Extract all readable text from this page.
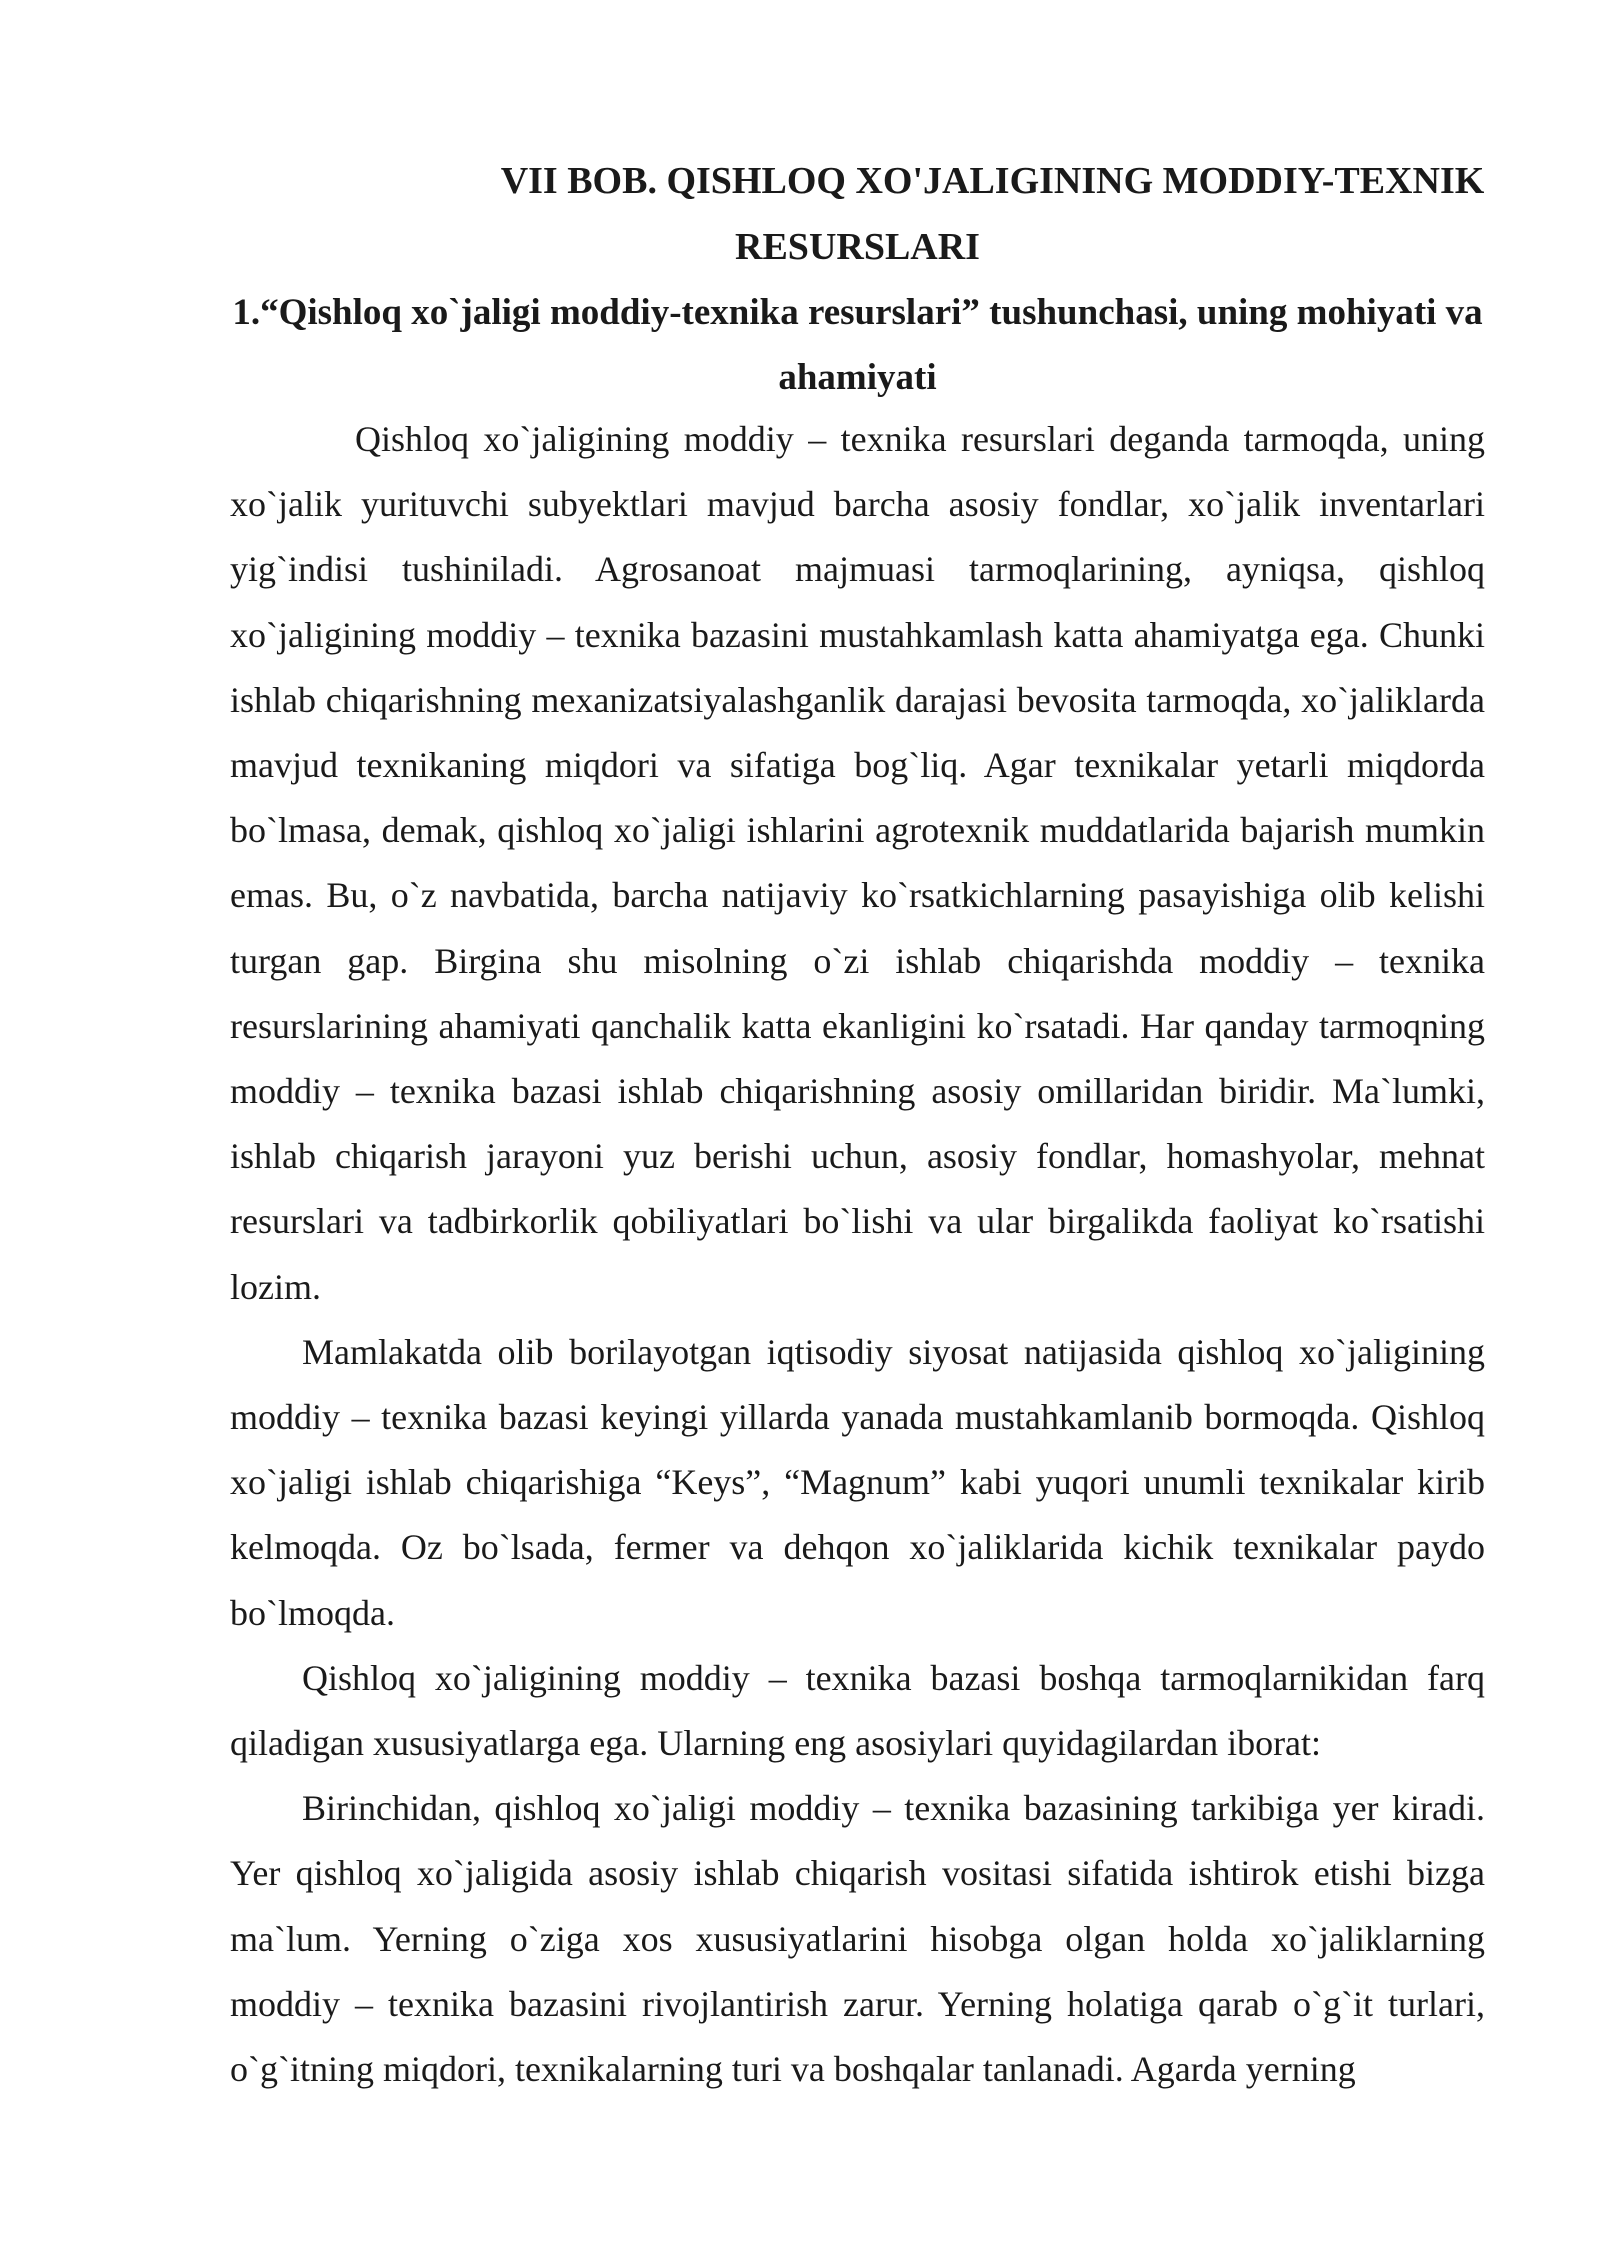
VII BOB. QISHLOQ XO'JALIGINING MODDIY-TEXNIK
RESURSLARI
1.“Qishloq xo`jaligi moddiy-texnika resurslari” tushunchasi, uning mohiyati va ahamiyati

Qishloq xo`jaligining moddiy – texnika resurslari deganda tarmoqda, uning xo`jalik yurituvchi subyektlari mavjud barcha asosiy fondlar, xo`jalik inventarlari yig`indisi tushiniladi. Agrosanoat majmuasi tarmoqlarining, ayniqsa, qishloq xo`jaligining moddiy – texnika bazasini mustahkamlash katta ahamiyatga ega. Chunki ishlab chiqarishning mexanizatsiyalashganlik darajasi bevosita tarmoqda, xo`jaliklarda mavjud texnikaning miqdori va sifatiga bog`liq. Agar texnikalar yetarli miqdorda bo`lmasa, demak, qishloq xo`jaligi ishlarini agrotexnik muddatlarida bajarish mumkin emas. Bu, o`z navbatida, barcha natijaviy ko`rsatkichlarning pasayishiga olib kelishi turgan gap. Birgina shu misolning o`zi ishlab chiqarishda moddiy – texnika resurslarining ahamiyati qanchalik katta ekanligini ko`rsatadi. Har qanday tarmoqning moddiy – texnika bazasi ishlab chiqarishning asosiy omillaridan biridir. Ma`lumki, ishlab chiqarish jarayoni yuz berishi uchun, asosiy fondlar, homashyolar, mehnat resurslari va tadbirkorlik qobiliyatlari bo`lishi va ular birgalikda faoliyat ko`rsatishi lozim.

Mamlakatda olib borilayotgan iqtisodiy siyosat natijasida qishloq xo`jaligining moddiy – texnika bazasi keyingi yillarda yanada mustahkamlanib bormoqda. Qishloq xo`jaligi ishlab chiqarishiga “Keys”, “Magnum” kabi yuqori unumli texnikalar kirib kelmoqda. Oz bo`lsada, fermer va dehqon xo`jaliklarida kichik texnikalar paydo bo`lmoqda.

Qishloq xo`jaligining moddiy – texnika bazasi boshqa tarmoqlarnikidan farq qiladigan xususiyatlarga ega. Ularning eng asosiylari quyidagilardan iborat:

Birinchidan, qishloq xo`jaligi moddiy – texnika bazasining tarkibiga yer kiradi. Yer qishloq xo`jaligida asosiy ishlab chiqarish vositasi sifatida ishtirok etishi bizga ma`lum. Yerning o`ziga xos xususiyatlarini hisobga olgan holda xo`jaliklarning moddiy – texnika bazasini rivojlantirish zarur. Yerning holatiga qarab o`g`it turlari, o`g`itning miqdori, texnikalarning turi va boshqalar tanlanadi. Agarda yerning
